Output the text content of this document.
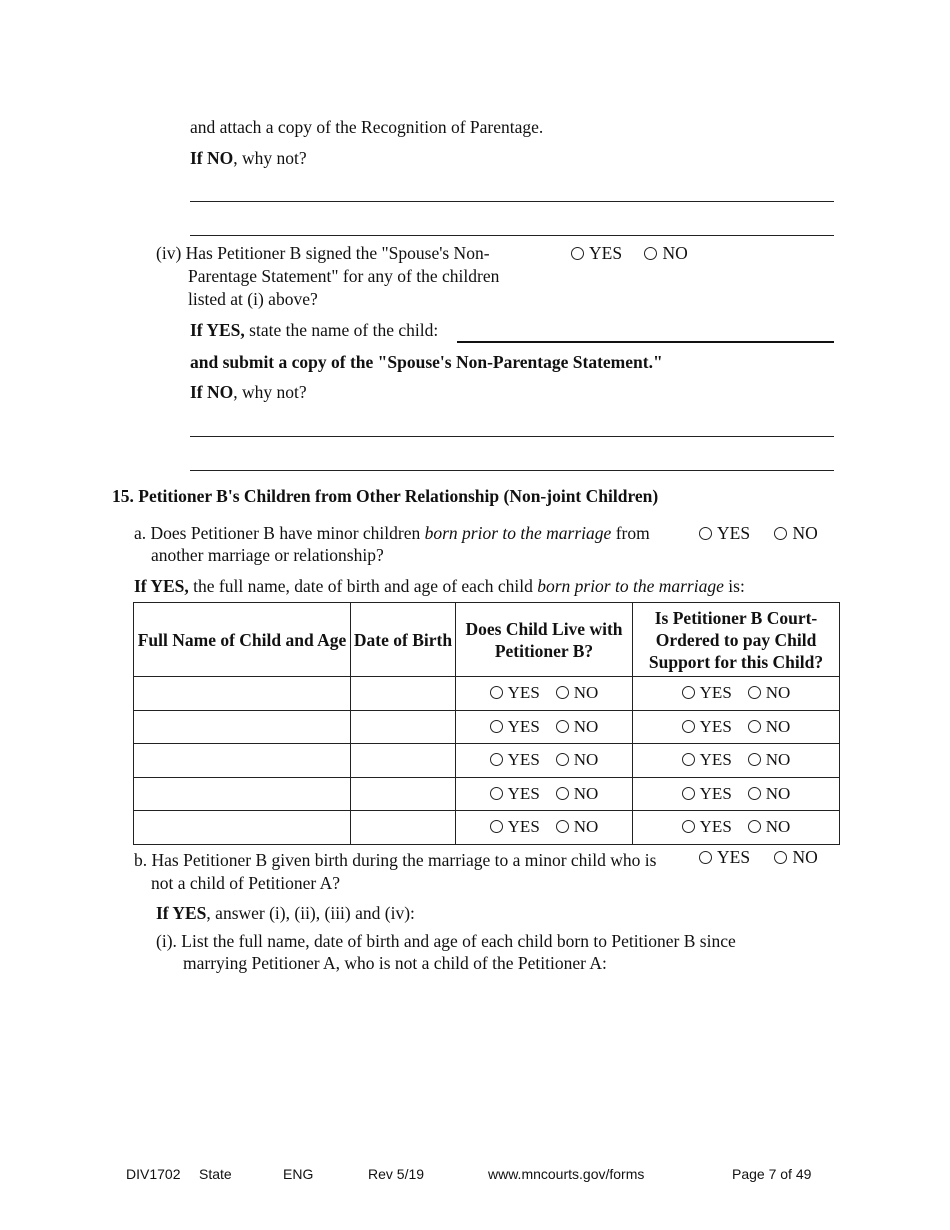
and attach a copy of the Recognition of Parentage.
If NO, why not?
(iv) Has Petitioner B signed the "Spouse's Non-
Parentage Statement" for any of the children
listed at (i) above?
YES NO
If YES, state the name of the child:
and submit a copy of the "Spouse's Non-Parentage Statement."
If NO, why not?
15. Petitioner B's Children from Other Relationship (Non-joint Children)
a. Does Petitioner B have minor children born prior to the marriage from
another marriage or relationship?
YES NO
If YES, the full name, date of birth and age of each child born prior to the marriage is:
Full Name of Child and Age	Date of Birth	Does Child Live with Petitioner B?	Is Petitioner B Court-Ordered to pay Child Support for this Child?
		YES NO	YES NO
		YES NO	YES NO
		YES NO	YES NO
		YES NO	YES NO
		YES NO	YES NO
b. Has Petitioner B given birth during the marriage to a minor child who is
not a child of Petitioner A?
YES NO
If YES, answer (i), (ii), (iii) and (iv):
(i). List the full name, date of birth and age of each child born to Petitioner B since
marrying Petitioner A, who is not a child of the Petitioner A:
DIV1702 State	ENG	Rev 5/19	www.mncourts.gov/forms	Page 7 of 49
